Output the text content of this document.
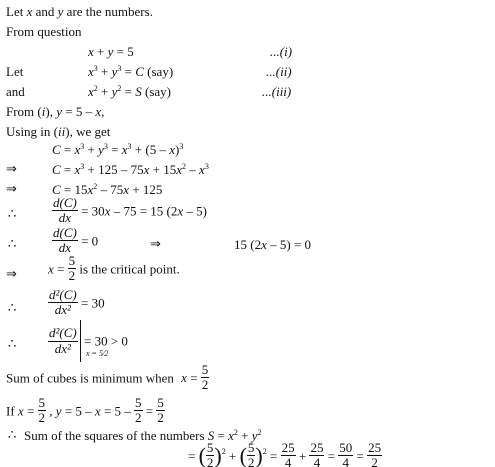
Let x and y are the numbers.
From question
x + y = 5	...(i)
Let	$x^3 + y^3 = C$ (say)	...(ii)
and	$x^2 + y^2 = S$ (say)	...(iii)
From (i), y = 5 – x,
Using in (ii), we get
$C = x^3 + y^3 = x^3 + (5 - x)^3$
⇒	$C = x^3 + 125 - 75x + 15x^2 - x^3$
⇒	$C = 15x^2 - 75x + 125$
∴	$\frac{d(C)}{dx} = 30x - 75 = 15$ (2x – 5)
∴	$\frac{d(C)}{dx} = 0$	⇒	15 (2x – 5) = 0
⇒ $x = \frac{5}{2}$ is the critical point.
∴ $\frac{\text{d²(C)}}{\text{dx²}} = 30$
∴ $\frac{\text{d²(C)}}{\text{dx²}} = 30 > 0$
x = 5⁄2
Sum of cubes is minimum when $x = \frac{5}{2}$
If $x = \frac{5}{2}$ , $y = 5 - x = 5 - \frac{5}{2} = \frac{5}{2}$
∴ Sum of the squares of the numbers $S = x^2 + y^2$
= ( $\frac{5}{2} )^2$ + ( $\frac{5}{2} )^2 = \frac{25}{4} + \frac{25}{4} = \frac{50}{4} = \frac{25}{2}$
